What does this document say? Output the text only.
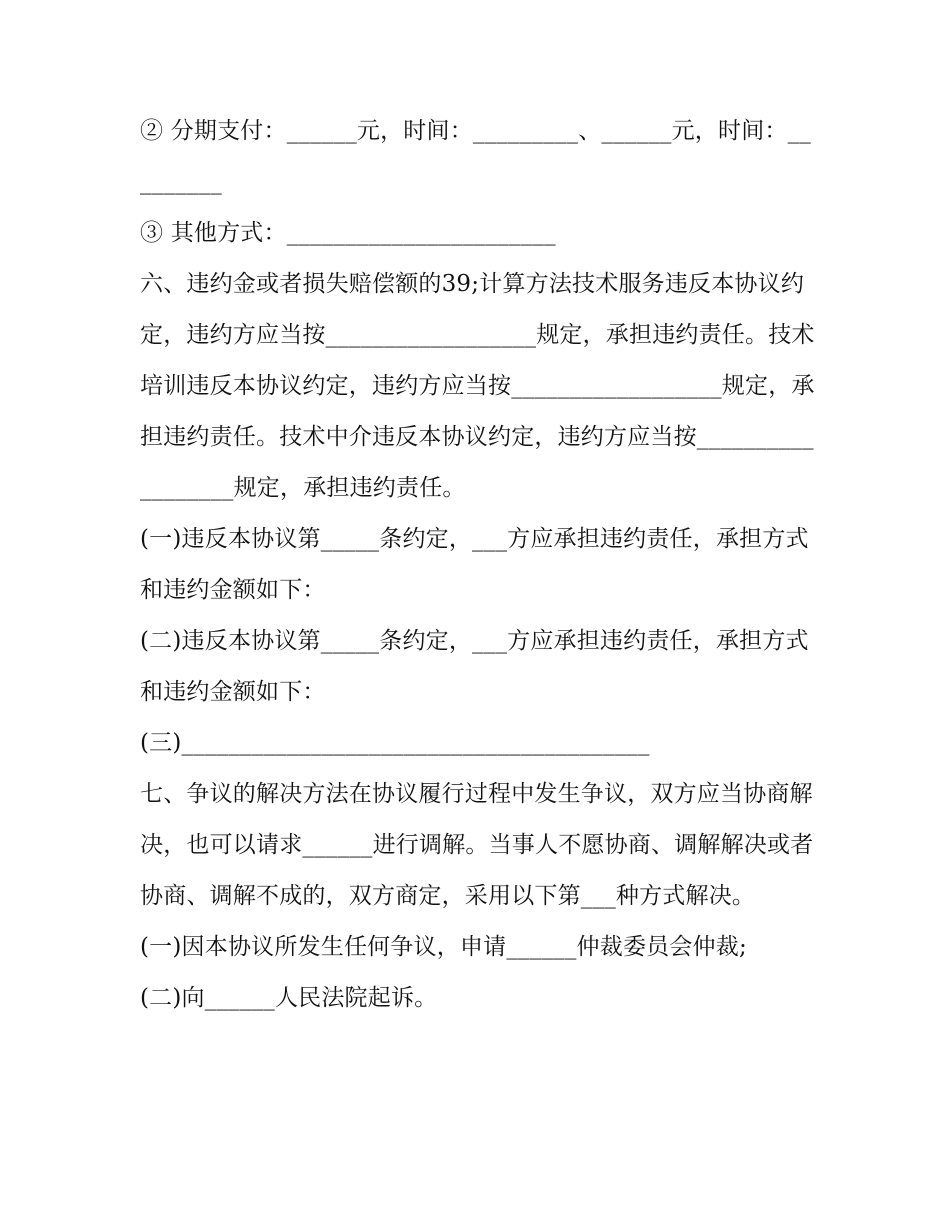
② 分期支付：______元，时间：_________、______元，时间：_________

③ 其他方式：_______________________

六、违约金或者损失赔偿额的39;计算方法技术服务违反本协议约定，违约方应当按__________________规定，承担违约责任。技术培训违反本协议约定，违约方应当按__________________规定，承担违约责任。技术中介违反本协议约定，违约方应当按__________________规定，承担违约责任。

(一)违反本协议第_____条约定，___方应承担违约责任，承担方式和违约金额如下：

(二)违反本协议第_____条约定，___方应承担违约责任，承担方式和违约金额如下：

(三)________________________________________

七、争议的解决方法在协议履行过程中发生争议，双方应当协商解决，也可以请求______进行调解。当事人不愿协商、调解解决或者协商、调解不成的，双方商定，采用以下第___种方式解决。

(一)因本协议所发生任何争议，申请______仲裁委员会仲裁;

(二)向______人民法院起诉。
